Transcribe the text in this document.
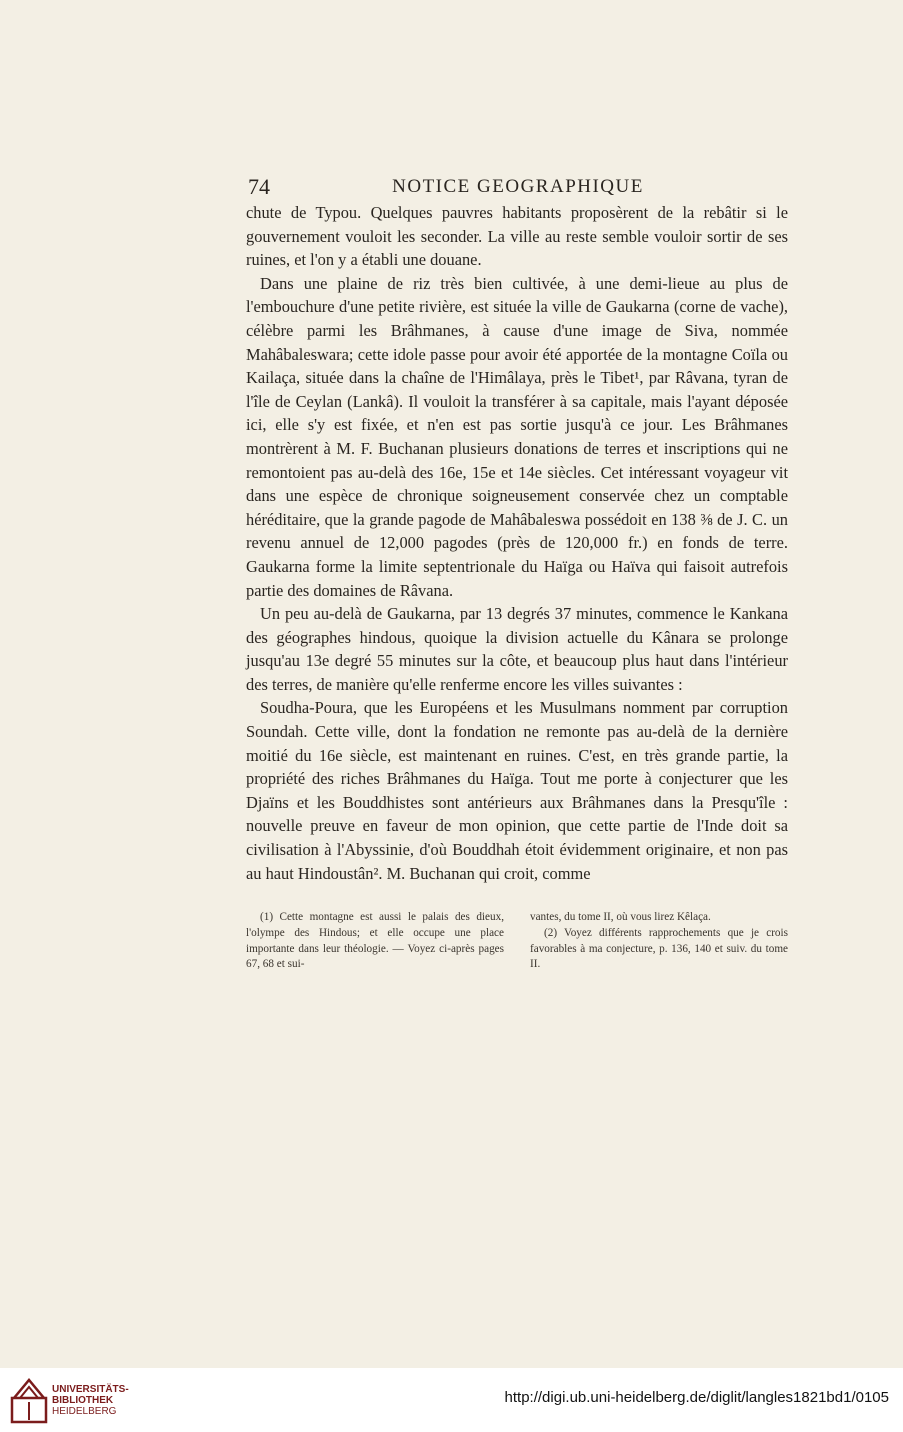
74	NOTICE GEOGRAPHIQUE

chute de Typou. Quelques pauvres habitants proposèrent de la rebâtir si le gouvernement vouloit les seconder. La ville au reste semble vouloir sortir de ses ruines, et l'on y a établi une douane.

Dans une plaine de riz très bien cultivée, à une demi-lieue au plus de l'embouchure d'une petite rivière, est située la ville de Gaukarna (corne de vache), célèbre parmi les Brâhmanes, à cause d'une image de Siva, nommée Mahâbaleswara; cette idole passe pour avoir été apportée de la montagne Coïla ou Kailaça, située dans la chaîne de l'Himâlaya, près le Tibet¹, par Râvana, tyran de l'île de Ceylan (Lankâ). Il vouloit la transférer à sa capitale, mais l'ayant déposée ici, elle s'y est fixée, et n'en est pas sortie jusqu'à ce jour. Les Brâhmanes montrèrent à M. F. Buchanan plusieurs donations de terres et inscriptions qui ne remontoient pas au-delà des 16e, 15e et 14e siècles. Cet intéressant voyageur vit dans une espèce de chronique soigneusement conservée chez un comptable héréditaire, que la grande pagode de Mahâbaleswa possédoit en 138 ⅜ de J. C. un revenu annuel de 12,000 pagodes (près de 120,000 fr.) en fonds de terre. Gaukarna forme la limite septentrionale du Haïga ou Haïva qui faisoit autrefois partie des domaines de Râvana.

Un peu au-delà de Gaukarna, par 13 degrés 37 minutes, commence le Kankana des géographes hindous, quoique la division actuelle du Kânara se prolonge jusqu'au 13e degré 55 minutes sur la côte, et beaucoup plus haut dans l'intérieur des terres, de manière qu'elle renferme encore les villes suivantes :

Soudha-Poura, que les Européens et les Musulmans nomment par corruption Soundah. Cette ville, dont la fondation ne remonte pas au-delà de la dernière moitié du 16e siècle, est maintenant en ruines. C'est, en très grande partie, la propriété des riches Brâhmanes du Haïga. Tout me porte à conjecturer que les Djaïns et les Bouddhistes sont antérieurs aux Brâhmanes dans la Presqu'île : nouvelle preuve en faveur de mon opinion, que cette partie de l'Inde doit sa civilisation à l'Abyssinie, d'où Bouddhah étoit évidemment originaire, et non pas au haut Hindoustân². M. Buchanan qui croit, comme

(1) Cette montagne est aussi le palais des dieux, l'olympe des Hindous; et elle occupe une place importante dans leur théologie. — Voyez ci-après pages 67, 68 et sui-

vantes, du tome II, où vous lirez Kêlaça.

(2) Voyez différents rapprochements que je crois favorables à ma conjecture, p. 136, 140 et suiv. du tome II.

UNIVERSITÄTS-
BIBLIOTHEK
HEIDELBERG
http://digi.ub.uni-heidelberg.de/diglit/langles1821bd1/0105
